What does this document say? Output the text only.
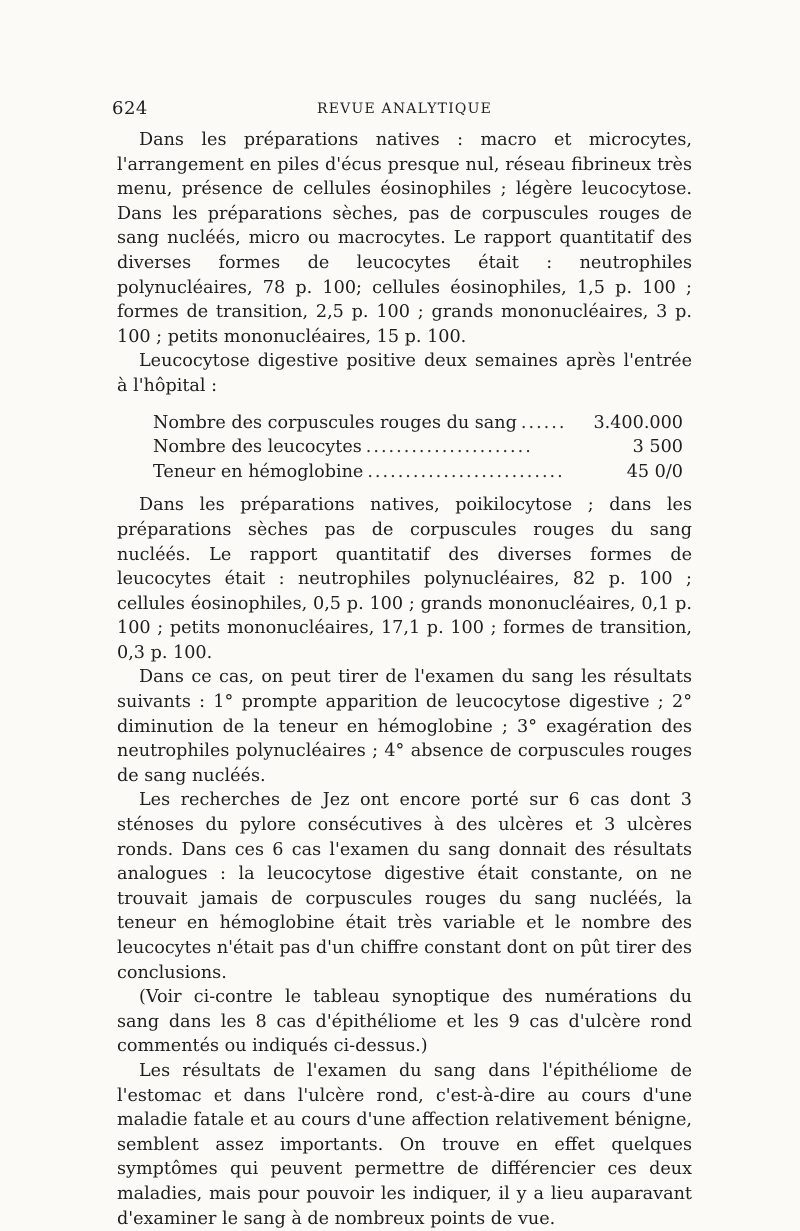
624	REVUE ANALYTIQUE

Dans les préparations natives : macro et microcytes, l'arrangement en piles d'écus presque nul, réseau fibrineux très menu, présence de cellules éosinophiles ; légère leucocytose. Dans les préparations sèches, pas de corpuscules rouges de sang nucléés, micro ou macrocytes. Le rapport quantitatif des diverses formes de leucocytes était : neutrophiles polynucléaires, 78 p. 100; cellules éosinophiles, 1,5 p. 100 ; formes de transition, 2,5 p. 100 ; grands mononucléaires, 3 p. 100 ; petits mononucléaires, 15 p. 100.

Leucocytose digestive positive deux semaines après l'entrée à l'hôpital :

Nombre des corpuscules rouges du sang ......	3.400.000
Nombre des leucocytes ......................	3 500
Teneur en hémoglobine ..........................	45 0/0

Dans les préparations natives, poikilocytose ; dans les préparations sèches pas de corpuscules rouges du sang nucléés. Le rapport quantitatif des diverses formes de leucocytes était : neutrophiles polynucléaires, 82 p. 100 ; cellules éosinophiles, 0,5 p. 100 ; grands mononucléaires, 0,1 p. 100 ; petits mononucléaires, 17,1 p. 100 ; formes de transition, 0,3 p. 100.

Dans ce cas, on peut tirer de l'examen du sang les résultats suivants : 1° prompte apparition de leucocytose digestive ; 2° diminution de la teneur en hémoglobine ; 3° exagération des neutrophiles polynucléaires ; 4° absence de corpuscules rouges de sang nucléés.

Les recherches de Jez ont encore porté sur 6 cas dont 3 sténoses du pylore consécutives à des ulcères et 3 ulcères ronds. Dans ces 6 cas l'examen du sang donnait des résultats analogues : la leucocytose digestive était constante, on ne trouvait jamais de corpuscules rouges du sang nucléés, la teneur en hémoglobine était très variable et le nombre des leucocytes n'était pas d'un chiffre constant dont on pût tirer des conclusions.

(Voir ci-contre le tableau synoptique des numérations du sang dans les 8 cas d'épithéliome et les 9 cas d'ulcère rond commentés ou indiqués ci-dessus.)

Les résultats de l'examen du sang dans l'épithéliome de l'estomac et dans l'ulcère rond, c'est-à-dire au cours d'une maladie fatale et au cours d'une affection relativement bénigne, semblent assez importants. On trouve en effet quelques symptômes qui peuvent permettre de différencier ces deux maladies, mais pour pouvoir les indiquer, il y a lieu auparavant d'examiner le sang à de nombreux points de vue.
